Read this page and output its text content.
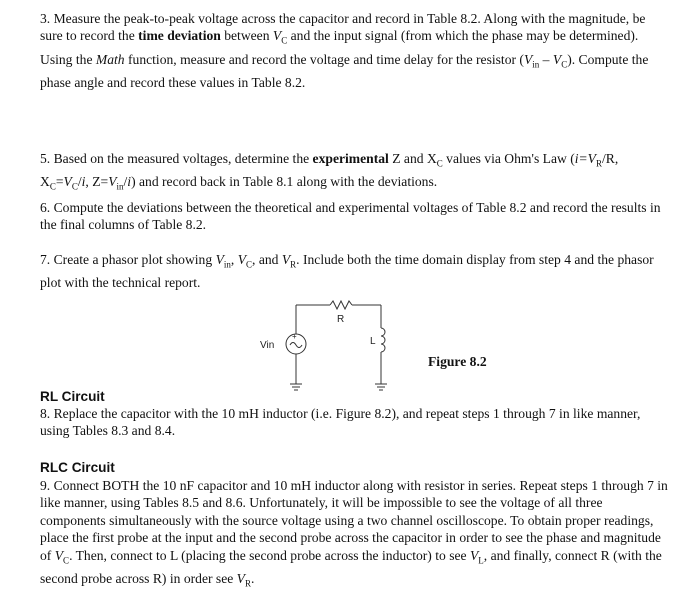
3. Measure the peak-to-peak voltage across the capacitor and record in Table 8.2. Along with the magnitude, be sure to record the time deviation between $V_C$ and the input signal (from which the phase may be determined). Using the Math function, measure and record the voltage and time delay for the resistor $(V_{in} - V_C)$. Compute the phase angle and record these values in Table 8.2.

5. Based on the measured voltages, determine the experimental Z and $X_C$ values via Ohm's Law ($i=V_R/R$, $X_C=V_C/i$, $Z=V_{in}/i$) and record back in Table 8.1 along with the deviations.

6. Compute the deviations between the theoretical and experimental voltages of Table 8.2 and record the results in the final columns of Table 8.2.

7. Create a phasor plot showing $V_{in}$, $V_C$, and $V_R$. Include both the time domain display from step 4 and the phasor plot with the technical report.

R
+
Vin	L
Figure 8.2
RL Circuit

8. Replace the capacitor with the 10 mH inductor (i.e. Figure 8.2), and repeat steps 1 through 7 in like manner, using Tables 8.3 and 8.4.

RLC Circuit

9. Connect BOTH the 10 nF capacitor and 10 mH inductor along with resistor in series. Repeat steps 1 through 7 in like manner, using Tables 8.5 and 8.6. Unfortunately, it will be impossible to see the voltage of all three components simultaneously with the source voltage using a two channel oscilloscope. To obtain proper readings, place the first probe at the input and the second probe across the capacitor in order to see the phase and magnitude of $V_C$. Then, connect to L (placing the second probe across the inductor) to see $V_L$, and finally, connect R (with the second probe across R) in order see $V_R$.
